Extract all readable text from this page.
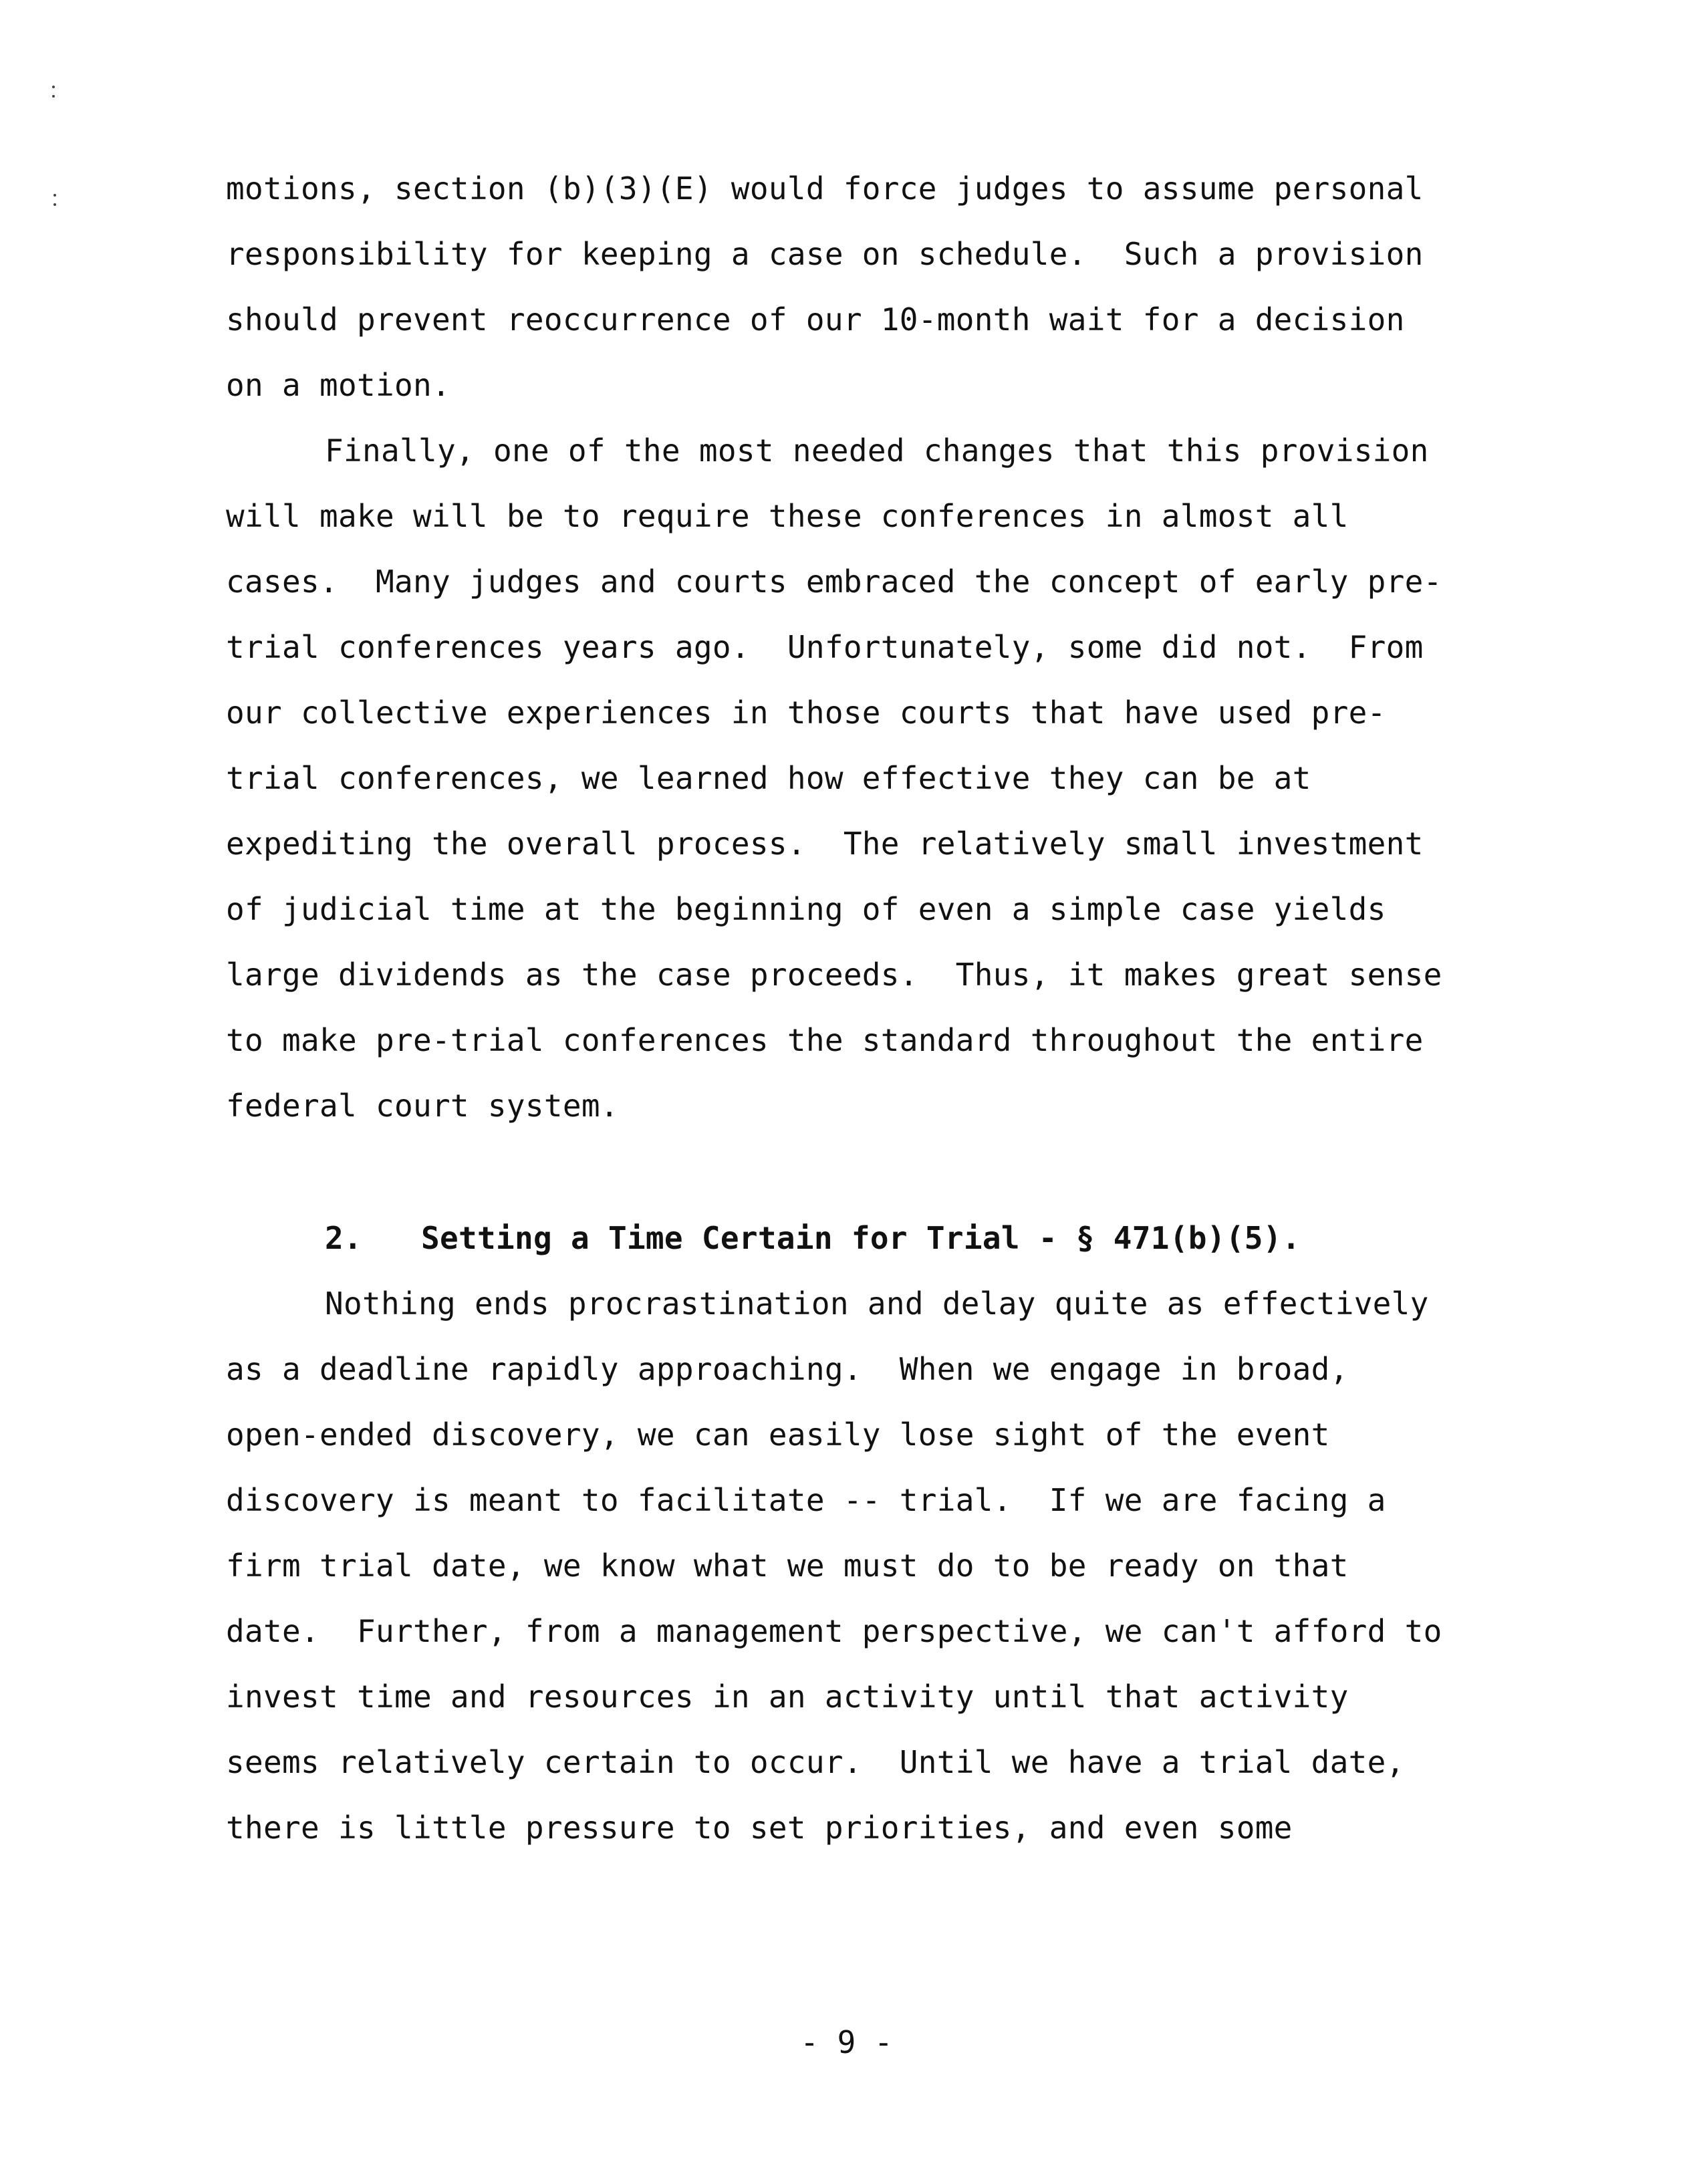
motions, section (b)(3)(E) would force judges to assume personal
responsibility for keeping a case on schedule.  Such a provision
should prevent reoccurrence of our 10-month wait for a decision
on a motion.
Finally, one of the most needed changes that this provision
will make will be to require these conferences in almost all
cases.  Many judges and courts embraced the concept of early pre-
trial conferences years ago.  Unfortunately, some did not.  From
our collective experiences in those courts that have used pre-
trial conferences, we learned how effective they can be at
expediting the overall process.  The relatively small investment
of judicial time at the beginning of even a simple case yields
large dividends as the case proceeds.  Thus, it makes great sense
to make pre-trial conferences the standard throughout the entire
federal court system.
2. Setting a Time Certain for Trial - § 471(b)(5).
Nothing ends procrastination and delay quite as effectively
as a deadline rapidly approaching.  When we engage in broad,
open-ended discovery, we can easily lose sight of the event
discovery is meant to facilitate -- trial.  If we are facing a
firm trial date, we know what we must do to be ready on that
date.  Further, from a management perspective, we can't afford to
invest time and resources in an activity until that activity
seems relatively certain to occur.  Until we have a trial date,
there is little pressure to set priorities, and even some
- 9 -
